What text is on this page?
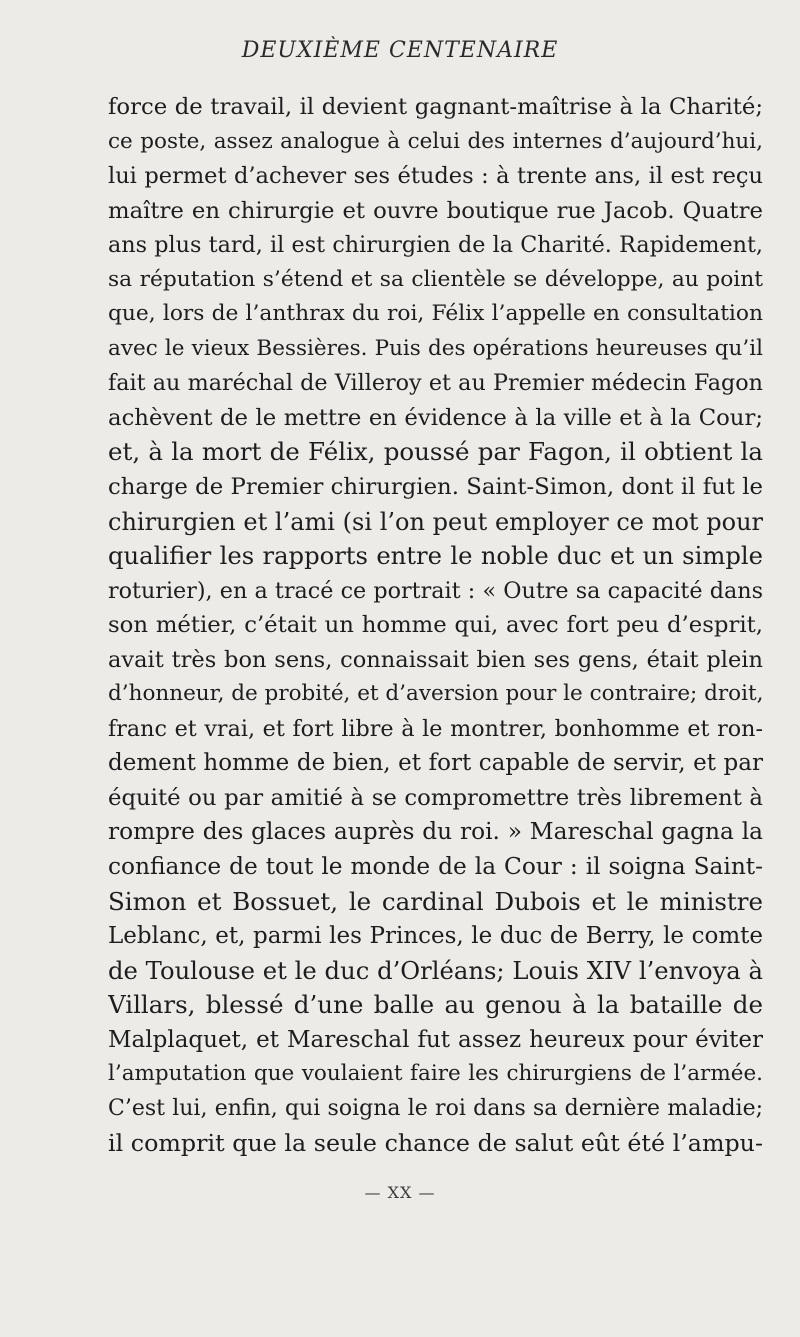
DEUXIÈME CENTENAIRE
force de travail, il devient gagnant-maîtrise à la Charité;
ce poste, assez analogue à celui des internes d’aujourd’hui,
lui permet d’achever ses études : à trente ans, il est reçu
maître en chirurgie et ouvre boutique rue Jacob. Quatre
ans plus tard, il est chirurgien de la Charité. Rapidement,
sa réputation s’étend et sa clientèle se développe, au point
que, lors de l’anthrax du roi, Félix l’appelle en consultation
avec le vieux Bessières. Puis des opérations heureuses qu’il
fait au maréchal de Villeroy et au Premier médecin Fagon
achèvent de le mettre en évidence à la ville et à la Cour;
et, à la mort de Félix, poussé par Fagon, il obtient la
charge de Premier chirurgien. Saint-Simon, dont il fut le
chirurgien et l’ami (si l’on peut employer ce mot pour
qualifier les rapports entre le noble duc et un simple
roturier), en a tracé ce portrait : « Outre sa capacité dans
son métier, c’était un homme qui, avec fort peu d’esprit,
avait très bon sens, connaissait bien ses gens, était plein
d’honneur, de probité, et d’aversion pour le contraire; droit,
franc et vrai, et fort libre à le montrer, bonhomme et ron-
dement homme de bien, et fort capable de servir, et par
équité ou par amitié à se compromettre très librement à
rompre des glaces auprès du roi. » Mareschal gagna la
confiance de tout le monde de la Cour : il soigna Saint-
Simon et Bossuet, le cardinal Dubois et le ministre
Leblanc, et, parmi les Princes, le duc de Berry, le comte
de Toulouse et le duc d’Orléans; Louis XIV l’envoya à
Villars, blessé d’une balle au genou à la bataille de
Malplaquet, et Mareschal fut assez heureux pour éviter
l’amputation que voulaient faire les chirurgiens de l’armée.
C’est lui, enfin, qui soigna le roi dans sa dernière maladie;
il comprit que la seule chance de salut eût été l’ampu-
— XX —
